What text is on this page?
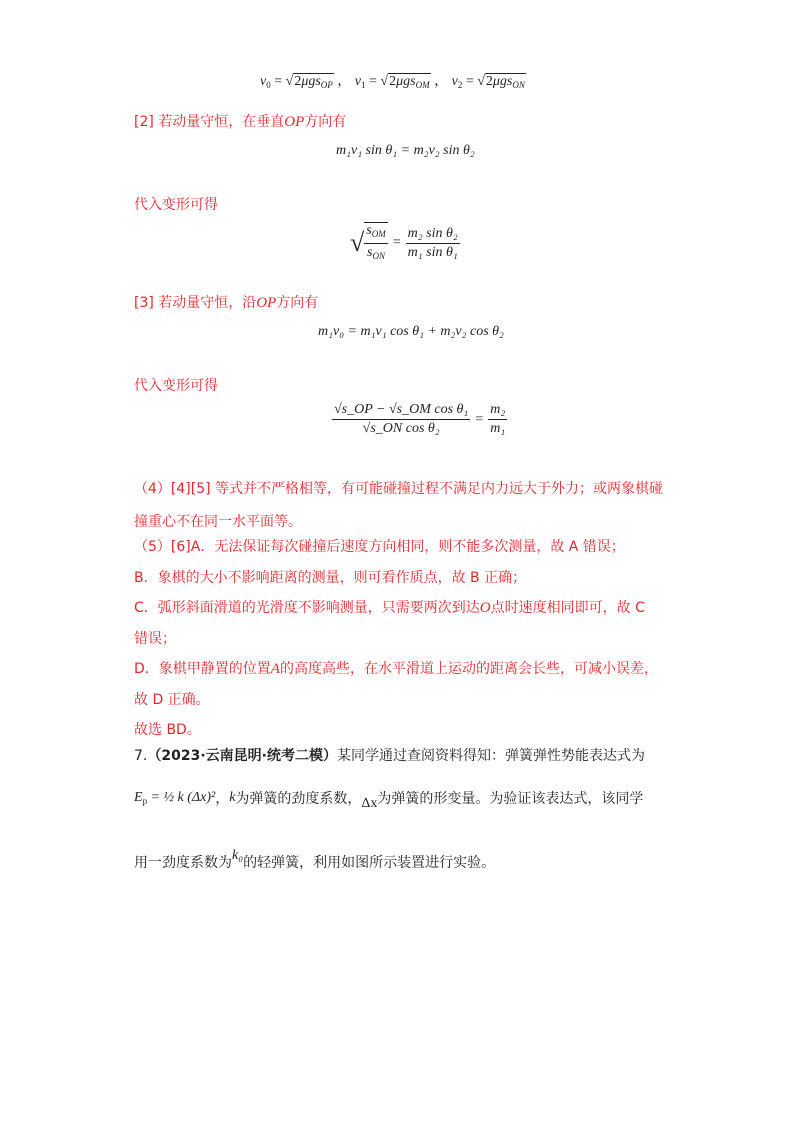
$v_0 = √2\mu gs_{OP}$ ， $v_1 = √2\mu gs_{OM}$ ， $v_2 = √2\mu gs_{ON}$
[2] 若动量守恒，在垂直OP方向有
m₁v₁ sin θ₁ = m₂v₂ sin θ₂
代入变形可得
√ $\frac{s_{OM}}{s_{ON}} = \frac{\text{m₂ sin θ₂}}{\text{m₁ sin θ₁}}$
[3] 若动量守恒，沿OP方向有
m₁v₀ = m₁v₁ cos θ₁ + m₂v₂ cos θ₂
代入变形可得
$\frac{\text{√s\_OP − √s\_OM cos θ₁}}{\text{√s\_ON cos θ₂}} = \frac{\text{m₂}}{\text{m₁}}$
（4）[4][5] 等式并不严格相等，有可能碰撞过程不满足内力远大于外力；或两象棋碰
撞重心不在同一水平面等。
（5）[6]A．无法保证每次碰撞后速度方向相同，则不能多次测量，故 A 错误；
B．象棋的大小不影响距离的测量，则可看作质点，故 B 正确；
C．弧形斜面滑道的光滑度不影响测量，只需要两次到达O点时速度相同即可，故 C
错误；
D．象棋甲静置的位置A的高度高些，在水平滑道上运动的距离会长些，可减小误差，
故 D 正确。
故选 BD。
7.（2023·云南昆明·统考二模）某同学通过查阅资料得知：弹簧弹性势能表达式为
$E_p$ = ½ k (Δx)² ， k 为弹簧的劲度系数， Δx 为弹簧的形变量。为验证该表达式，该同学
用一劲度系数为 k₀ 的轻弹簧，利用如图所示装置进行实验。
